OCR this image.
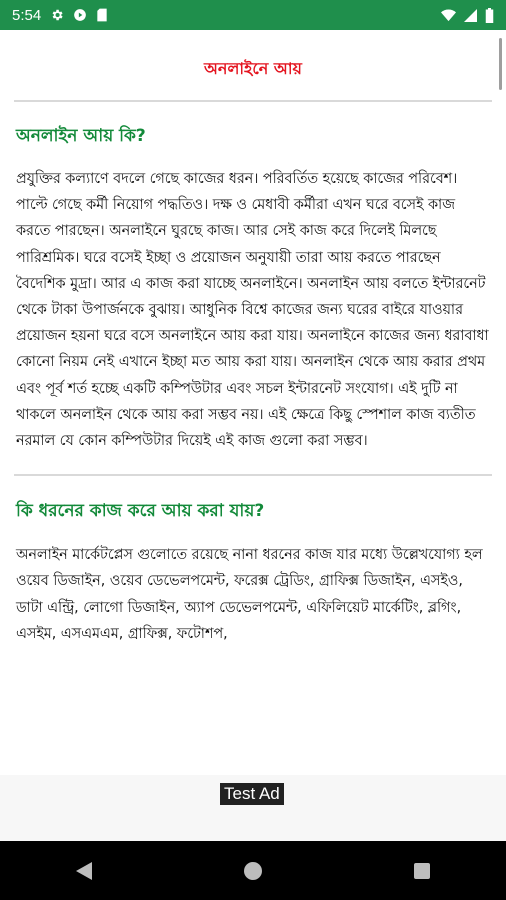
5:54
অনলাইনে আয়
অনলাইন আয় কি?

প্রযুক্তির কল্যাণে বদলে গেছে কাজের ধরন। পরিবর্তিত হয়েছে কাজের পরিবেশ। পাল্টে গেছে কর্মী নিয়োগ পদ্ধতিও। দক্ষ ও মেধাবী কর্মীরা এখন ঘরে বসেই কাজ করতে পারছেন। অনলাইনে ঘুরছে কাজ। আর সেই কাজ করে দিলেই মিলছে পারিশ্রমিক। ঘরে বসেই ইচ্ছা ও প্রয়োজন অনুযায়ী তারা আয় করতে পারছেন বৈদেশিক মুদ্রা। আর এ কাজ করা যাচ্ছে অনলাইনে। অনলাইন আয় বলতে ইন্টারনেট থেকে টাকা উপার্জনকে বুঝায়। আধুনিক বিশ্বে কাজের জন্য ঘরের বাইরে যাওয়ার প্রয়োজন হয়না ঘরে বসে অনলাইনে আয় করা যায়। অনলাইনে কাজের জন্য ধরাবাধা কোনো নিয়ম নেই এখানে ইচ্ছা মত আয় করা যায়। অনলাইন থেকে আয় করার প্রথম এবং পূর্ব শর্ত হচ্ছে একটি কম্পিউটার এবং সচল ইন্টারনেট সংযোগ। এই দুটি না থাকলে অনলাইন থেকে আয় করা সম্ভব নয়। এই ক্ষেত্রে কিছু স্পেশাল কাজ ব্যতীত নরমাল যে কোন কম্পিউটার দিয়েই এই কাজ গুলো করা সম্ভব।

কি ধরনের কাজ করে আয় করা যায়?

অনলাইন মার্কেটপ্লেস গুলোতে রয়েছে নানা ধরনের কাজ যার মধ্যে উল্লেখযোগ্য হল ওয়েব ডিজাইন, ওয়েব ডেভেলপমেন্ট, ফরেক্স ট্রেডিং, গ্রাফিক্স ডিজাইন, এসইও, ডাটা এন্ট্রি, লোগো ডিজাইন, অ্যাপ ডেভেলপমেন্ট, এফিলিয়েট মার্কেটিং, ব্লগিং, এসইম, এসএমএম, গ্রাফিক্স, ফটোশপ,

Test Ad
